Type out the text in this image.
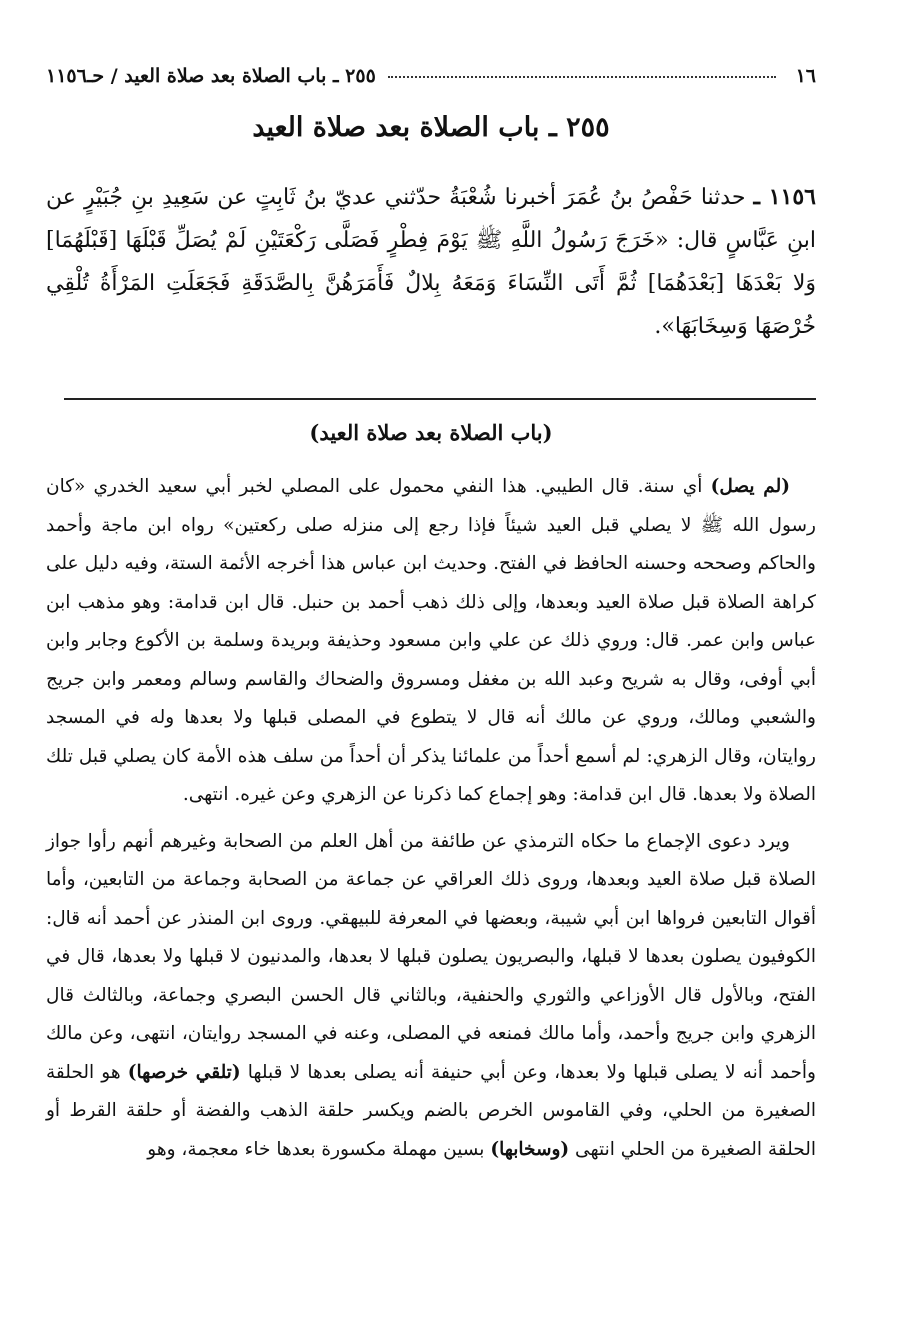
١٦
٢٥٥ ـ باب الصلاة بعد صلاة العيد / حـ١١٥٦
٢٥٥ ـ باب الصلاة بعد صلاة العيد
١١٥٦ ـ حدثنا حَفْصُ بنُ عُمَرَ أخبرنا شُعْبَةُ حدّثني عديّ بنُ ثَابِتٍ عن سَعِيدِ بنِ جُبَيْرٍ عن ابنِ عَبَّاسٍ قال: «خَرَجَ رَسُولُ اللَّهِ ﷺ يَوْمَ فِطْرٍ فَصَلَّى رَكْعَتَيْنِ لَمْ يُصَلِّ قَبْلَهَا [قَبْلَهُمَا] وَلا بَعْدَهَا [بَعْدَهُمَا] ثُمَّ أَتَى النِّسَاءَ وَمَعَهُ بِلالٌ فَأَمَرَهُنَّ بِالصَّدَقَةِ فَجَعَلَتِ المَرْأَةُ تُلْقِي خُرْصَهَا وَسِخَابَهَا».
(باب الصلاة بعد صلاة العيد)

(لم يصل) أي سنة. قال الطيبي. هذا النفي محمول على المصلي لخبر أبي سعيد الخدري «كان رسول الله ﷺ لا يصلي قبل العيد شيئاً فإذا رجع إلى منزله صلى ركعتين» رواه ابن ماجة وأحمد والحاكم وصححه وحسنه الحافظ في الفتح. وحديث ابن عباس هذا أخرجه الأئمة الستة، وفيه دليل على كراهة الصلاة قبل صلاة العيد وبعدها، وإلى ذلك ذهب أحمد بن حنبل. قال ابن قدامة: وهو مذهب ابن عباس وابن عمر. قال: وروي ذلك عن علي وابن مسعود وحذيفة وبريدة وسلمة بن الأكوع وجابر وابن أبي أوفى، وقال به شريح وعبد الله بن مغفل ومسروق والضحاك والقاسم وسالم ومعمر وابن جريج والشعبي ومالك، وروي عن مالك أنه قال لا يتطوع في المصلى قبلها ولا بعدها وله في المسجد روايتان، وقال الزهري: لم أسمع أحداً من علمائنا يذكر أن أحداً من سلف هذه الأمة كان يصلي قبل تلك الصلاة ولا بعدها. قال ابن قدامة: وهو إجماع كما ذكرنا عن الزهري وعن غيره. انتهى.

ويرد دعوى الإجماع ما حكاه الترمذي عن طائفة من أهل العلم من الصحابة وغيرهم أنهم رأوا جواز الصلاة قبل صلاة العيد وبعدها، وروى ذلك العراقي عن جماعة من الصحابة وجماعة من التابعين، وأما أقوال التابعين فرواها ابن أبي شيبة، وبعضها في المعرفة للبيهقي. وروى ابن المنذر عن أحمد أنه قال: الكوفيون يصلون بعدها لا قبلها، والبصريون يصلون قبلها لا بعدها، والمدنيون لا قبلها ولا بعدها، قال في الفتح، وبالأول قال الأوزاعي والثوري والحنفية، وبالثاني قال الحسن البصري وجماعة، وبالثالث قال الزهري وابن جريج وأحمد، وأما مالك فمنعه في المصلى، وعنه في المسجد روايتان، انتهى، وعن مالك وأحمد أنه لا يصلى قبلها ولا بعدها، وعن أبي حنيفة أنه يصلى بعدها لا قبلها (تلقي خرصها) هو الحلقة الصغيرة من الحلي، وفي القاموس الخرص بالضم ويكسر حلقة الذهب والفضة أو حلقة القرط أو الحلقة الصغيرة من الحلي انتهى (وسخابها) بسين مهملة مكسورة بعدها خاء معجمة، وهو
